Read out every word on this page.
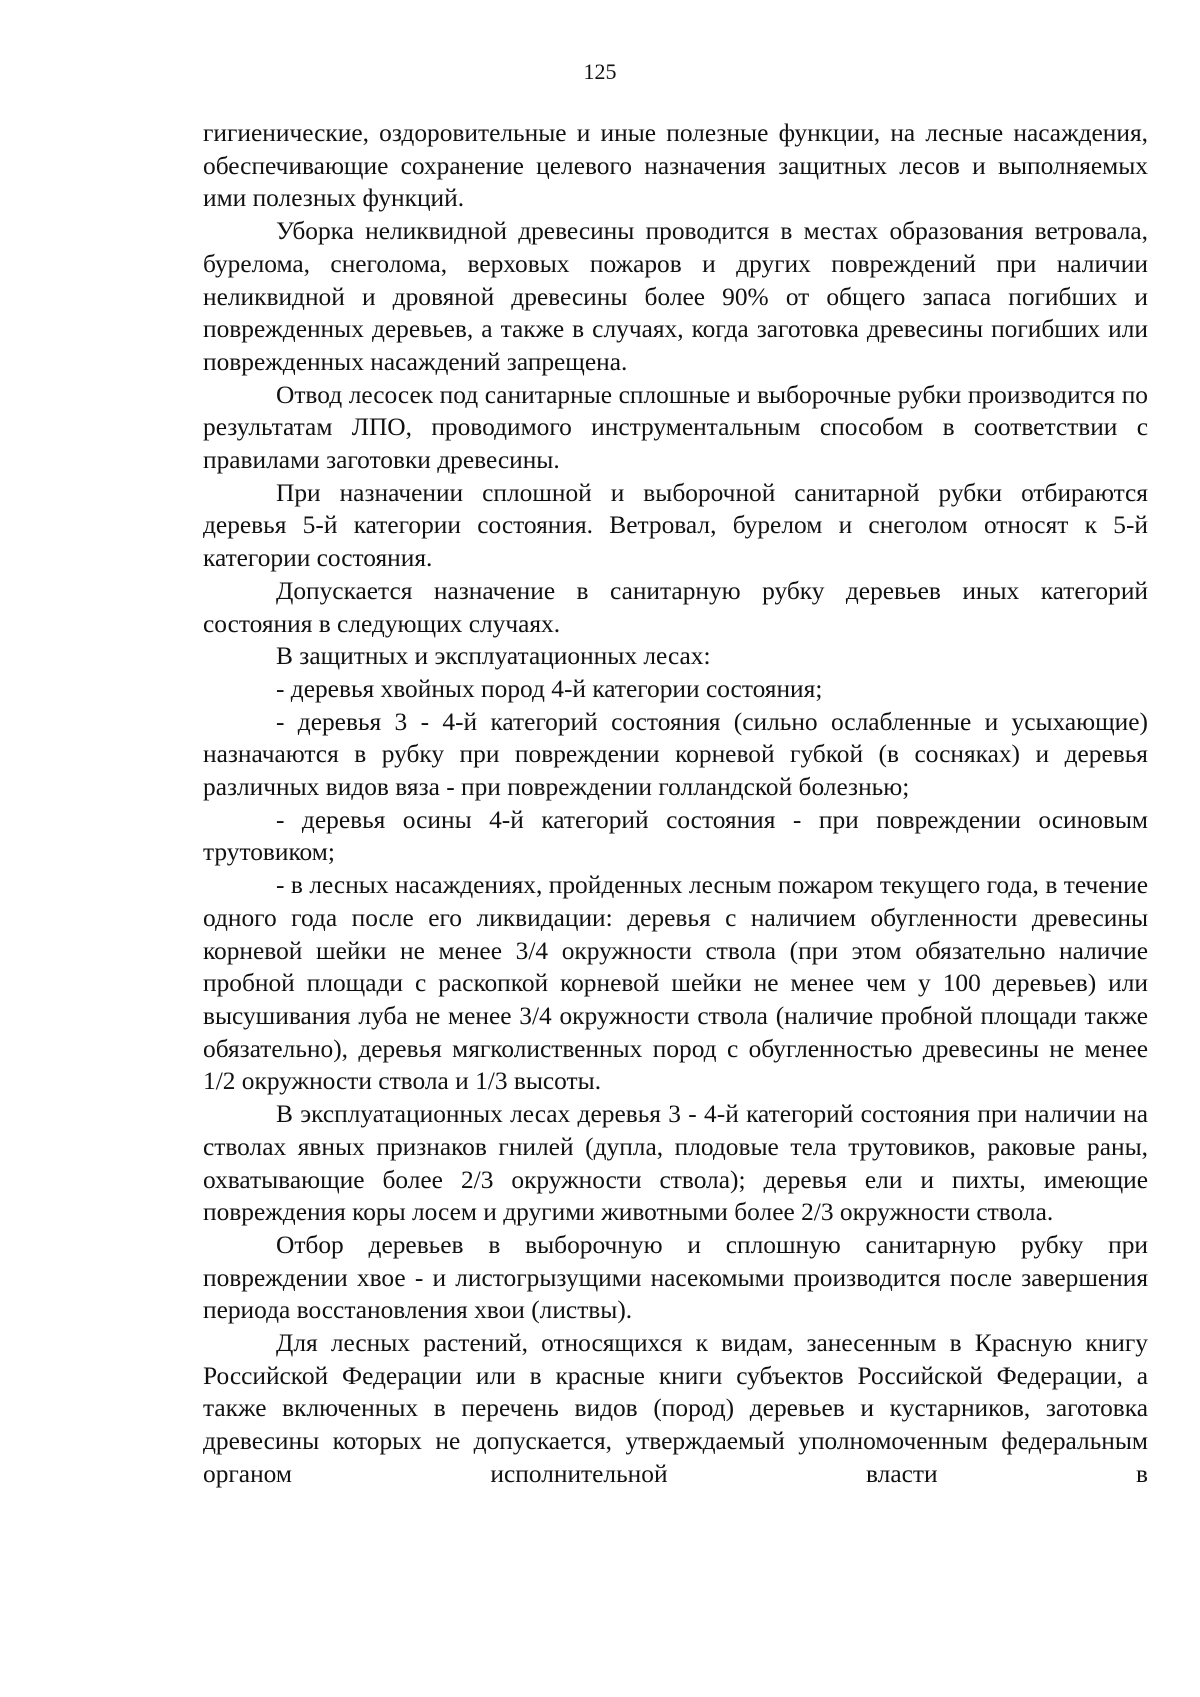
125

гигиенические, оздоровительные и иные полезные функции, на лесные насаждения, обеспечивающие сохранение целевого назначения защитных лесов и выполняемых ими полезных функций.

Уборка неликвидной древесины проводится в местах образования ветровала, бурелома, снеголома, верховых пожаров и других повреждений при наличии неликвидной и дровяной древесины более 90% от общего запаса погибших и поврежденных деревьев, а также в случаях, когда заготовка древесины погибших или поврежденных насаждений запрещена.

Отвод лесосек под санитарные сплошные и выборочные рубки производится по результатам ЛПО, проводимого инструментальным способом в соответствии с правилами заготовки древесины.

При назначении сплошной и выборочной санитарной рубки отбираются деревья 5-й категории состояния. Ветровал, бурелом и снеголом относят к 5-й категории состояния.

Допускается назначение в санитарную рубку деревьев иных категорий состояния в следующих случаях.

В защитных и эксплуатационных лесах:

- деревья хвойных пород 4-й категории состояния;

- деревья 3 - 4-й категорий состояния (сильно ослабленные и усыхающие) назначаются в рубку при повреждении корневой губкой (в сосняках) и деревья различных видов вяза - при повреждении голландской болезнью;

- деревья осины 4-й категорий состояния - при повреждении осиновым трутовиком;

- в лесных насаждениях, пройденных лесным пожаром текущего года, в течение одного года после его ликвидации: деревья с наличием обугленности древесины корневой шейки не менее 3/4 окружности ствола (при этом обязательно наличие пробной площади с раскопкой корневой шейки не менее чем у 100 деревьев) или высушивания луба не менее 3/4 окружности ствола (наличие пробной площади также обязательно), деревья мягколиственных пород с обугленностью древесины не менее 1/2 окружности ствола и 1/3 высоты.

В эксплуатационных лесах деревья 3 - 4-й категорий состояния при наличии на стволах явных признаков гнилей (дупла, плодовые тела трутовиков, раковые раны, охватывающие более 2/3 окружности ствола); деревья ели и пихты, имеющие повреждения коры лосем и другими животными более 2/3 окружности ствола.

Отбор деревьев в выборочную и сплошную санитарную рубку при повреждении хвое - и листогрызущими насекомыми производится после завершения периода восстановления хвои (листвы).

Для лесных растений, относящихся к видам, занесенным в Красную книгу Российской Федерации или в красные книги субъектов Российской Федерации, а также включенных в перечень видов (пород) деревьев и кустарников, заготовка древесины которых не допускается, утверждаемый уполномоченным федеральным органом исполнительной власти в
